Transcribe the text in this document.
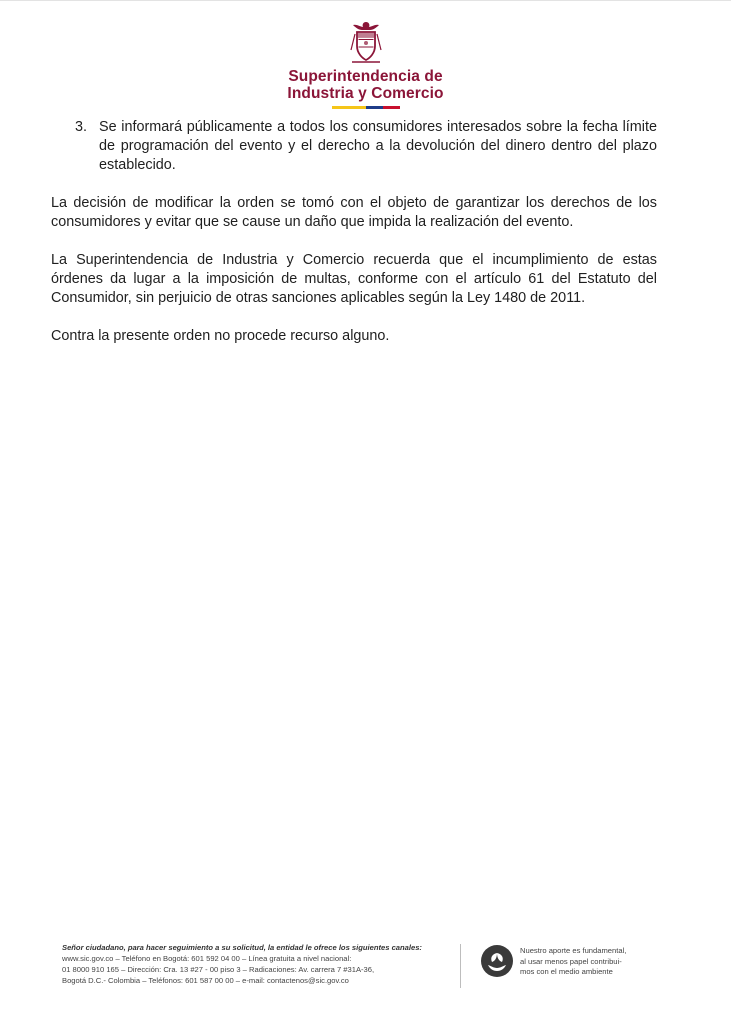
Superintendencia de
Industria y Comercio

3. Se informará públicamente a todos los consumidores interesados sobre la fecha límite de programación del evento y el derecho a la devolución del dinero dentro del plazo establecido.

La decisión de modificar la orden se tomó con el objeto de garantizar los derechos de los consumidores y evitar que se cause un daño que impida la realización del evento.

La Superintendencia de Industria y Comercio recuerda que el incumplimiento de estas órdenes da lugar a la imposición de multas, conforme con el artículo 61 del Estatuto del Consumidor, sin perjuicio de otras sanciones aplicables según la Ley 1480 de 2011.

Contra la presente orden no procede recurso alguno.

Señor ciudadano, para hacer seguimiento a su solicitud, la entidad le ofrece los siguientes canales: www.sic.gov.co – Teléfono en Bogotá: 601 592 04 00 – Línea gratuita a nivel nacional:
01 8000 910 165 – Dirección: Cra. 13 #27 - 00 piso 3 – Radicaciones: Av. carrera 7 #31A-36,
Bogotá D.C.- Colombia – Teléfonos: 601 587 00 00 – e-mail: contactenos@sic.gov.co
Nuestro aporte es fundamental,
al usar menos papel contribui-
mos con el medio ambiente
